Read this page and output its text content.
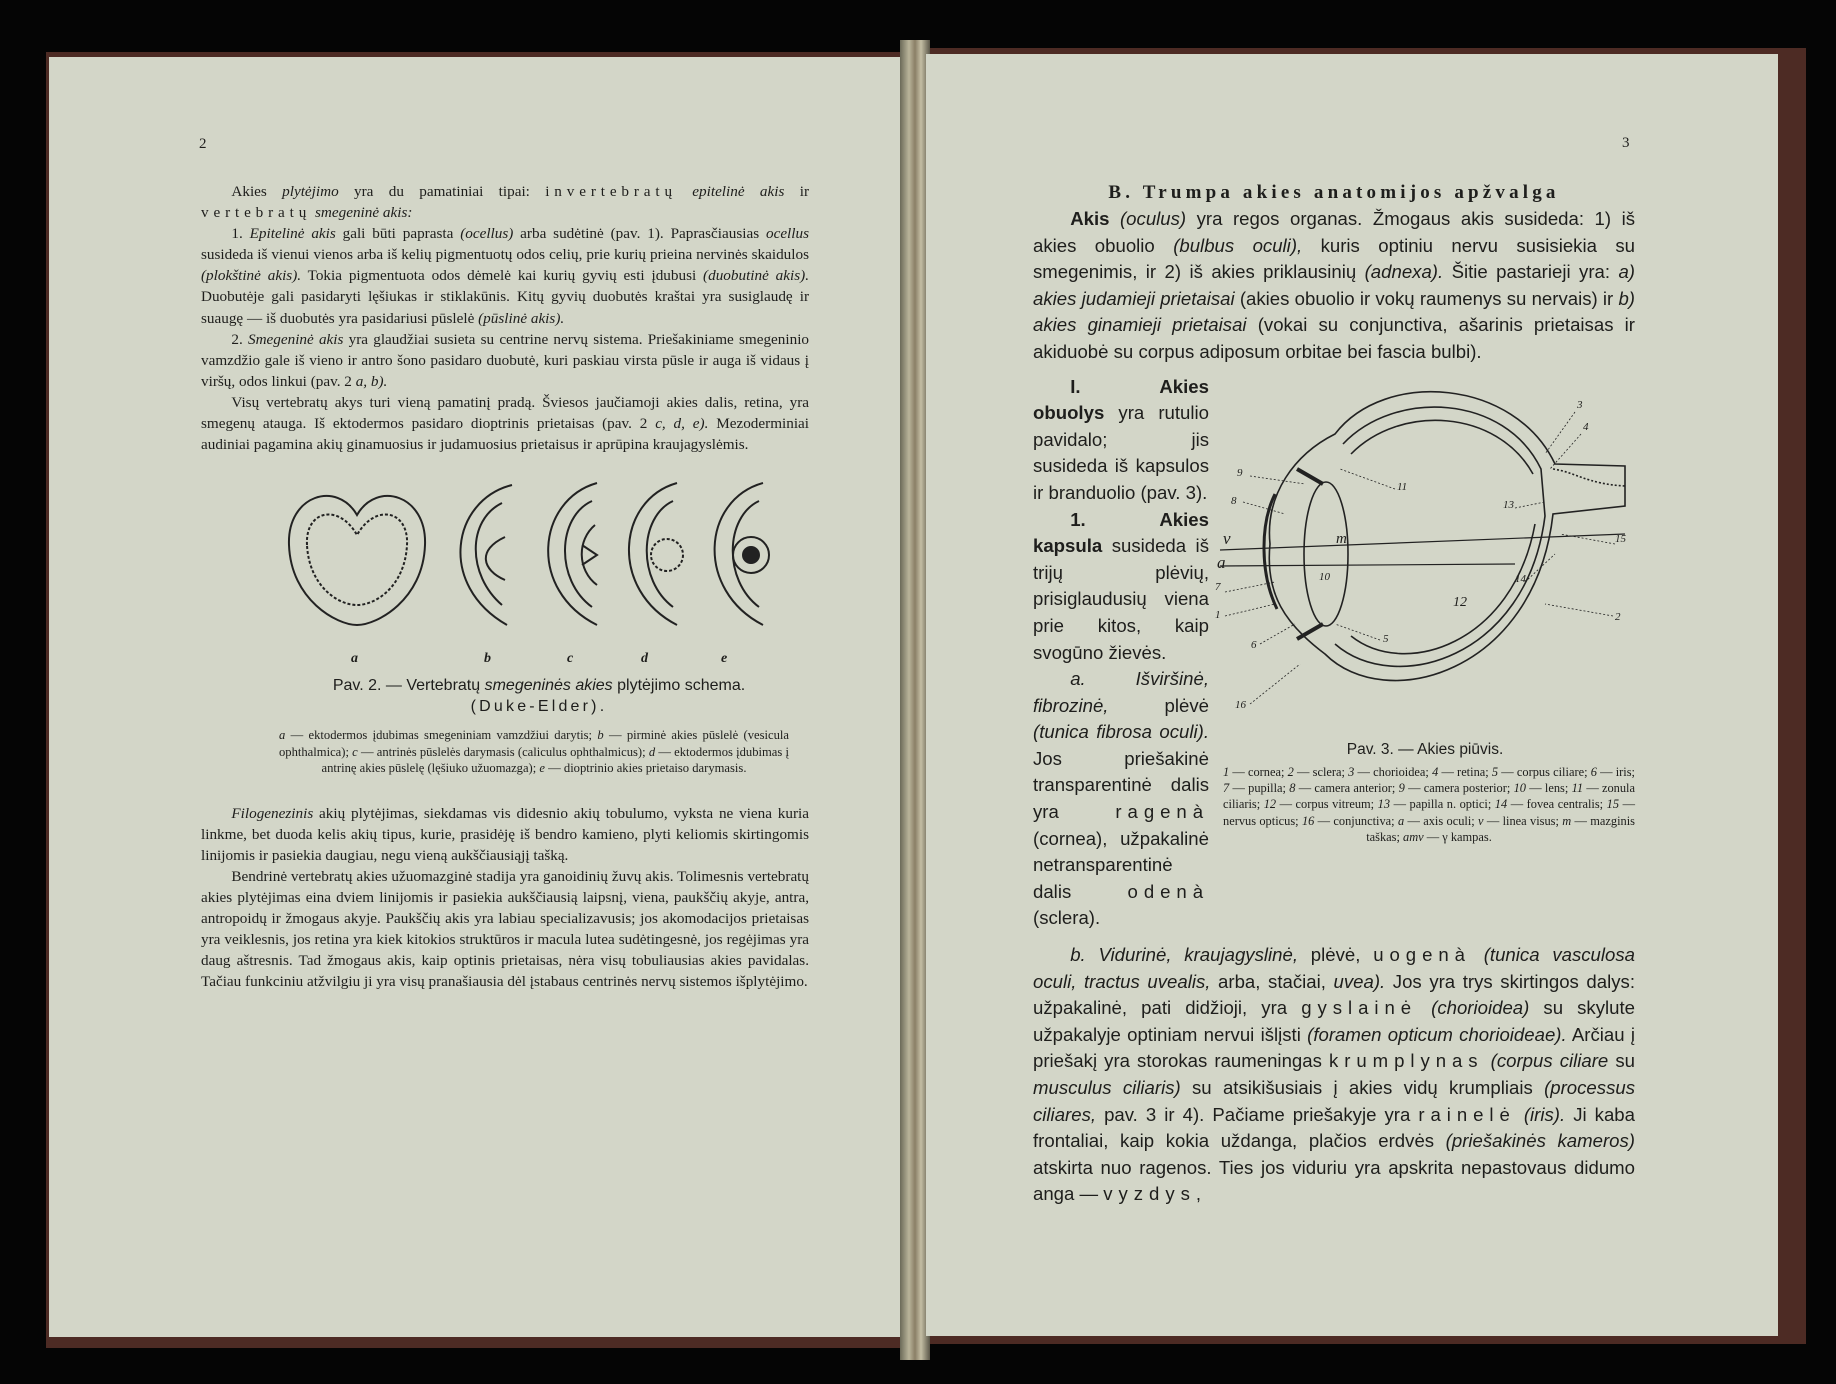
2

Akies plytėjimo yra du pamatiniai tipai: invertebratų epitelinė akis ir vertebratų smegeninė akis:

1. Epitelinė akis gali būti paprasta (ocellus) arba sudėtinė (pav. 1). Paprasčiausias ocellus susideda iš vienui vienos arba iš kelių pigmentuotų odos celių, prie kurių prieina nervinės skaidulos (plokštinė akis). Tokia pigmentuota odos dėmelė kai kurių gyvių esti įdubusi (duobutinė akis). Duobutėje gali pasidaryti lęšiukas ir stiklakūnis. Kitų gyvių duobutės kraštai yra susiglaudę ir suaugę — iš duobutės yra pasidariusi pūslelė (pūslinė akis).

2. Smegeninė akis yra glaudžiai susieta su centrine nervų sistema. Priešakiniame smegeninio vamzdžio gale iš vieno ir antro šono pasidaro duobutė, kuri paskiau virsta pūsle ir auga iš vidaus į viršų, odos linkui (pav. 2 a, b).

Visų vertebratų akys turi vieną pamatinį pradą. Šviesos jaučiamoji akies dalis, retina, yra smegenų atauga. Iš ektodermos pasidaro dioptrinis prietaisas (pav. 2 c, d, e). Mezoderminiai audiniai pagamina akių ginamuosius ir judamuosius prietaisus ir aprūpina kraujagyslėmis.

a	b	c	d	e
Pav. 2. — Vertebratų smegeninės akies plytėjimo schema.
(Duke-Elder).
a — ektodermos įdubimas smegeniniam vamzdžiui darytis; b — pirminė akies pūslelė (vesicula ophthalmica); c — antrinės pūslelės darymasis (caliculus ophthalmicus); d — ektodermos įdubimas į antrinę akies pūslelę (lęšiuko užuomazga); e — dioptrinio akies prietaiso darymasis.

Filogenezinis akių plytėjimas, siekdamas vis didesnio akių tobulumo, vyksta ne viena kuria linkme, bet duoda kelis akių tipus, kurie, prasidėję iš bendro kamieno, plyti keliomis skirtingomis linijomis ir pasiekia daugiau, negu vieną aukščiausiąjį tašką.

Bendrinė vertebratų akies užuomazginė stadija yra ganoidinių žuvų akis. Tolimesnis vertebratų akies plytėjimas eina dviem linijomis ir pasiekia aukščiausią laipsnį, viena, paukščių akyje, antra, antropoidų ir žmogaus akyje. Paukščių akis yra labiau specializavusis; jos akomodacijos prietaisas yra veiklesnis, jos retina yra kiek kitokios struktūros ir macula lutea sudėtingesnė, jos regėjimas yra daug aštresnis. Tad žmogaus akis, kaip optinis prietaisas, nėra visų tobuliausias akies pavidalas. Tačiau funkciniu atžvilgiu ji yra visų pranašiausia dėl įstabaus centrinės nervų sistemos išplytėjimo.

3
B. Trumpa akies anatomijos apžvalga

Akis (oculus) yra regos organas. Žmogaus akis susideda: 1) iš akies obuolio (bulbus oculi), kuris optiniu nervu susisiekia su smegenimis, ir 2) iš akies priklausinių (adnexa). Šitie pastarieji yra: a) akies judamieji prietaisai (akies obuolio ir vokų raumenys su nervais) ir b) akies ginamieji prietaisai (vokai su conjunctiva, ašarinis prietaisas ir akiduobė su corpus adiposum orbitae bei fascia bulbi).

I. Akies obuolys yra rutulio pavidalo; jis susideda iš kapsulos ir branduolio (pav. 3).

1. Akies kapsula susideda iš trijų plėvių, prisiglaudusių viena prie kitos, kaip svogūno žievės.

a. Išviršinė, fibrozinė, plėvė (tunica fibrosa oculi). Jos priešakinė transparentinė dalis yra ragenà (cornea), užpakalinė netransparentinė dalis odenà (sclera).

3
4
13
15
14
12
2
11
9
8
v
a
m
7
10
1
6	5
16
Pav. 3. — Akies piūvis.
1 — cornea; 2 — sclera; 3 — chorioidea; 4 — retina; 5 — corpus ciliare; 6 — iris; 7 — pupilla; 8 — camera anterior; 9 — camera posterior; 10 — lens; 11 — zonula ciliaris; 12 — corpus vitreum; 13 — papilla n. optici; 14 — fovea centralis; 15 — nervus opticus; 16 — conjunctiva; a — axis oculi; v — linea visus; m — mazginis taškas; amv — γ kampas.

b. Vidurinė, kraujagyslinė, plėvė, uogenà (tunica vasculosa oculi, tractus uvealis, arba, stačiai, uvea). Jos yra trys skirtingos dalys: užpakalinė, pati didžioji, yra gyslainė (chorioidea) su skylute užpakalyje optiniam nervui išlįsti (foramen opticum chorioideae). Arčiau į priešakį yra storokas raumeningas krumplynas (corpus ciliare su musculus ciliaris) su atsikišusiais į akies vidų krumpliais (processus ciliares, pav. 3 ir 4). Pačiame priešakyje yra rainelė (iris). Ji kaba frontaliai, kaip kokia uždanga, plačios erdvės (priešakinės kameros) atskirta nuo ragenos. Ties jos viduriu yra apskrita nepastovaus didumo anga — vyzdys,
